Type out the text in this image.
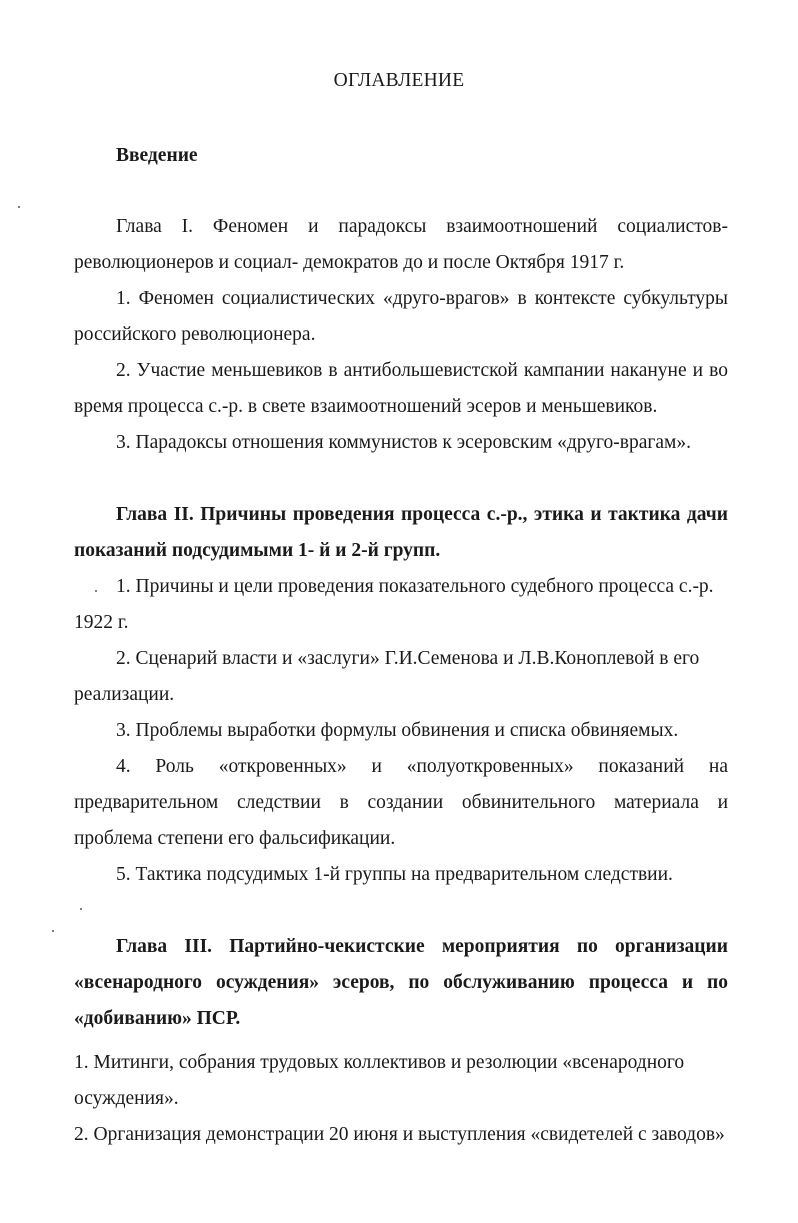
ОГЛАВЛЕНИЕ
Введение
Глава I. Феномен и парадоксы взаимоотношений социалистов-
революционеров и социал- демократов до и после Октября 1917 г.
1. Феномен социалистических «друго-врагов» в контексте субкультуры
российского революционера.
2. Участие меньшевиков в антибольшевистской кампании накануне и во
время процесса с.-р. в свете взаимоотношений эсеров и меньшевиков.
3. Парадоксы отношения коммунистов к эсеровским «друго-врагам».
Глава II. Причины проведения процесса с.-р., этика и тактика дачи
показаний подсудимыми 1- й и 2-й групп.
1. Причины и цели проведения показательного судебного процесса с.-р.
1922 г.
2. Сценарий власти и «заслуги» Г.И.Семенова и Л.В.Коноплевой в его
реализации.
3. Проблемы выработки формулы обвинения и списка обвиняемых.
4. Роль «откровенных» и «полуоткровенных» показаний на
предварительном следствии в создании обвинительного материала и
проблема степени его фальсификации.
5. Тактика подсудимых 1-й группы на предварительном следствии.
Глава III. Партийно-чекистские мероприятия по организации
«всенародного осуждения» эсеров, по обслуживанию процесса и по
«добиванию» ПСР.
1. Митинги, собрания трудовых коллективов и резолюции «всенародного
осуждения».
2. Организация демонстрации 20 июня и выступления «свидетелей с заводов»
